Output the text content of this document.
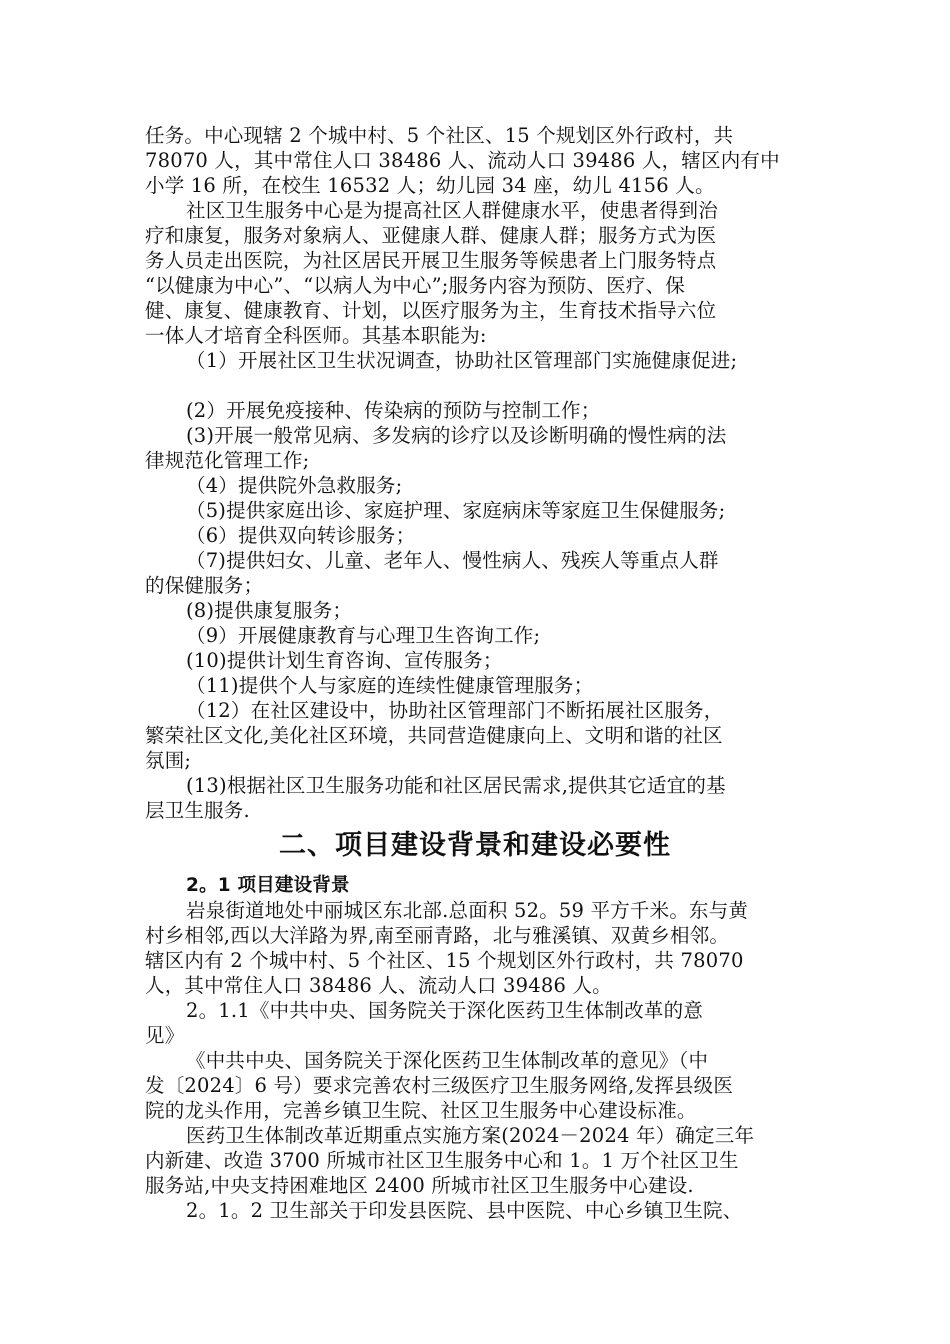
任务。中心现辖 2 个城中村、5 个社区、15 个规划区外行政村，共
78070 人，其中常住人口 38486 人、流动人口 39486 人，辖区内有中
小学 16 所，在校生 16532 人；幼儿园 34 座，幼儿 4156 人。
社区卫生服务中心是为提高社区人群健康水平，使患者得到治
疗和康复，服务对象病人、亚健康人群、健康人群；服务方式为医
务人员走出医院，为社区居民开展卫生服务等候患者上门服务特点
“以健康为中心”、“以病人为中心”;服务内容为预防、医疗、保
健、康复、健康教育、计划，以医疗服务为主，生育技术指导六位
一体人才培育全科医师。其基本职能为:
（1）开展社区卫生状况调查，协助社区管理部门实施健康促进;
(2）开展免疫接种、传染病的预防与控制工作；
(3)开展一般常见病、多发病的诊疗以及诊断明确的慢性病的法
律规范化管理工作;
（4）提供院外急救服务;
（5)提供家庭出诊、家庭护理、家庭病床等家庭卫生保健服务;
（6）提供双向转诊服务；
（7)提供妇女、儿童、老年人、慢性病人、残疾人等重点人群
的保健服务；
(8)提供康复服务；
（9）开展健康教育与心理卫生咨询工作;
(10)提供计划生育咨询、宣传服务；
（11)提供个人与家庭的连续性健康管理服务；
（12）在社区建设中，协助社区管理部门不断拓展社区服务，
繁荣社区文化,美化社区环境，共同营造健康向上、文明和谐的社区
氛围;
(13)根据社区卫生服务功能和社区居民需求,提供其它适宜的基
层卫生服务.
二、项目建设背景和建设必要性
2。1 项目建设背景
岩泉街道地处中丽城区东北部.总面积 52。59 平方千米。东与黄
村乡相邻,西以大洋路为界,南至丽青路，北与雅溪镇、双黄乡相邻。
辖区内有 2 个城中村、5 个社区、15 个规划区外行政村，共 78070
人，其中常住人口 38486 人、流动人口 39486 人。
2。1.1《中共中央、国务院关于深化医药卫生体制改革的意
见》
《中共中央、国务院关于深化医药卫生体制改革的意见》（中
发〔2024〕6 号）要求完善农村三级医疗卫生服务网络,发挥县级医
院的龙头作用，完善乡镇卫生院、社区卫生服务中心建设标准。
医药卫生体制改革近期重点实施方案(2024－2024 年）确定三年
内新建、改造 3700 所城市社区卫生服务中心和 1。1 万个社区卫生
服务站,中央支持困难地区 2400 所城市社区卫生服务中心建设.
2。1。2 卫生部关于印发县医院、县中医院、中心乡镇卫生院、
